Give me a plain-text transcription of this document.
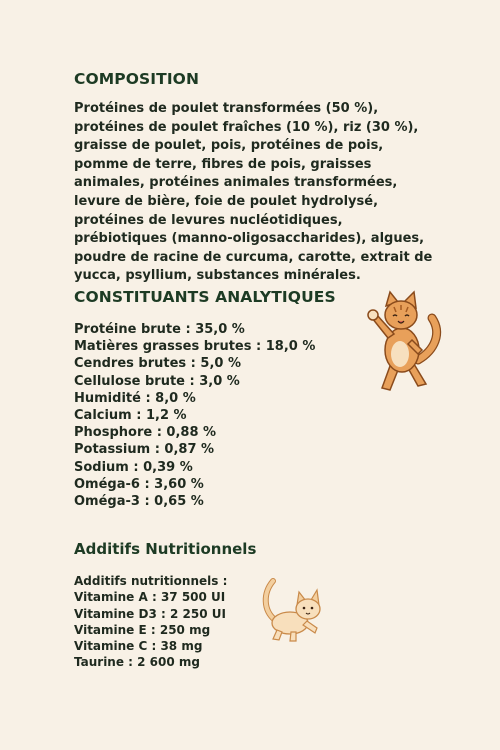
COMPOSITION

Protéines de poulet transformées (50 %), protéines de poulet fraîches (10 %), riz (30 %), graisse de poulet, pois, protéines de pois, pomme de terre, fibres de pois, graisses animales, protéines animales transformées, levure de bière, foie de poulet hydrolysé, protéines de levures nucléotidiques, prébiotiques (manno-oligosaccharides), algues, poudre de racine de curcuma, carotte, extrait de yucca, psyllium, substances minérales.

CONSTITUANTS ANALYTIQUES
Protéine brute : 35,0 %
Matières grasses brutes : 18,0 %
Cendres brutes : 5,0 %
Cellulose brute : 3,0 %
Humidité : 8,0 %
Calcium : 1,2 %
Phosphore : 0,88 %
Potassium : 0,87 %
Sodium : 0,39 %
Oméga-6 : 3,60 %
Oméga-3 : 0,65 %
Additifs Nutritionnels
Additifs nutritionnels :
Vitamine A : 37 500 UI
Vitamine D3 : 2 250 UI
Vitamine E : 250 mg
Vitamine C : 38 mg
Taurine : 2 600 mg
